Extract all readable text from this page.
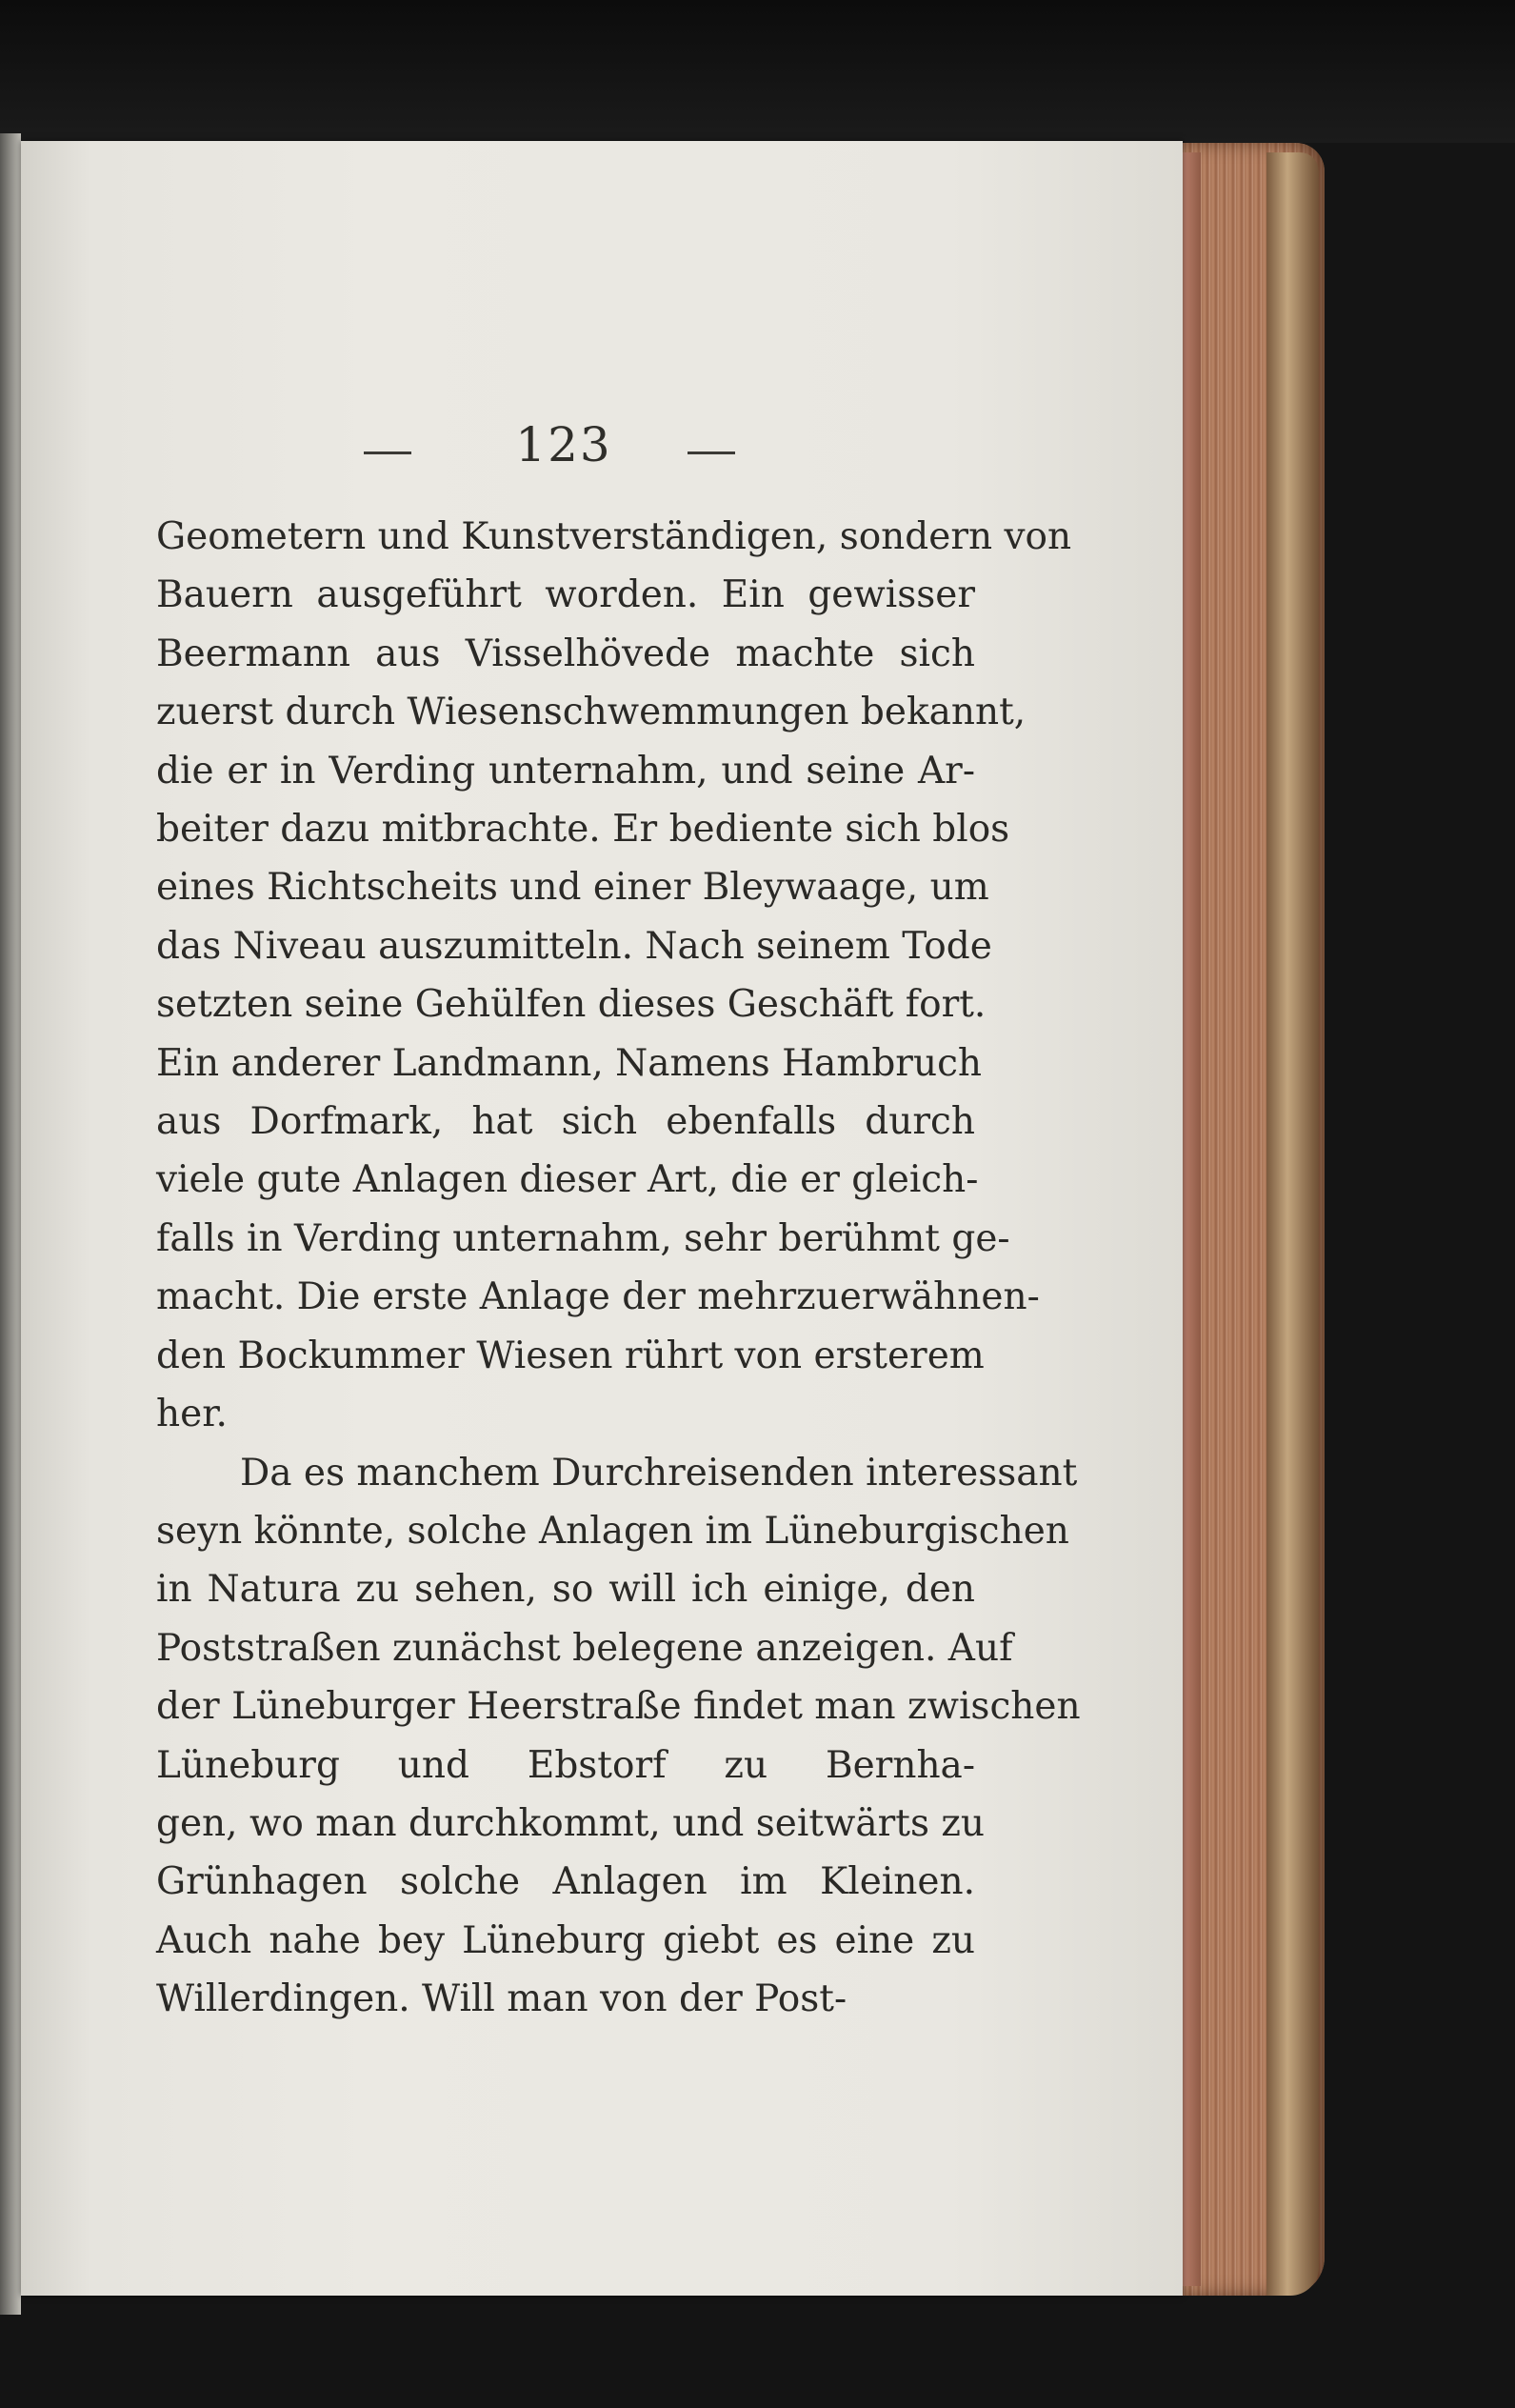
123
Geometern und Kunstverständigen, sondern von
Bauern ausgeführt worden. Ein gewisser
Beermann aus Visselhövede machte sich
zuerst durch Wiesenschwemmungen bekannt,
die er in Verding unternahm, und seine Ar-
beiter dazu mitbrachte. Er bediente sich blos
eines Richtscheits und einer Bleywaage, um
das Niveau auszumitteln. Nach seinem Tode
setzten seine Gehülfen dieses Geschäft fort.
Ein anderer Landmann, Namens Hambruch
aus Dorfmark, hat sich ebenfalls durch
viele gute Anlagen dieser Art, die er gleich-
falls in Verding unternahm, sehr berühmt ge-
macht. Die erste Anlage der mehrzuerwähnen-
den Bockummer Wiesen rührt von ersterem
her.
Da es manchem Durchreisenden interessant
seyn könnte, solche Anlagen im Lüneburgischen
in Natura zu sehen, so will ich einige, den
Poststraßen zunächst belegene anzeigen. Auf
der Lüneburger Heerstraße findet man zwischen
Lüneburg und Ebstorf zu Bernha-
gen, wo man durchkommt, und seitwärts zu
Grünhagen solche Anlagen im Kleinen.
Auch nahe bey Lüneburg giebt es eine zu
Willerdingen. Will man von der Post-
